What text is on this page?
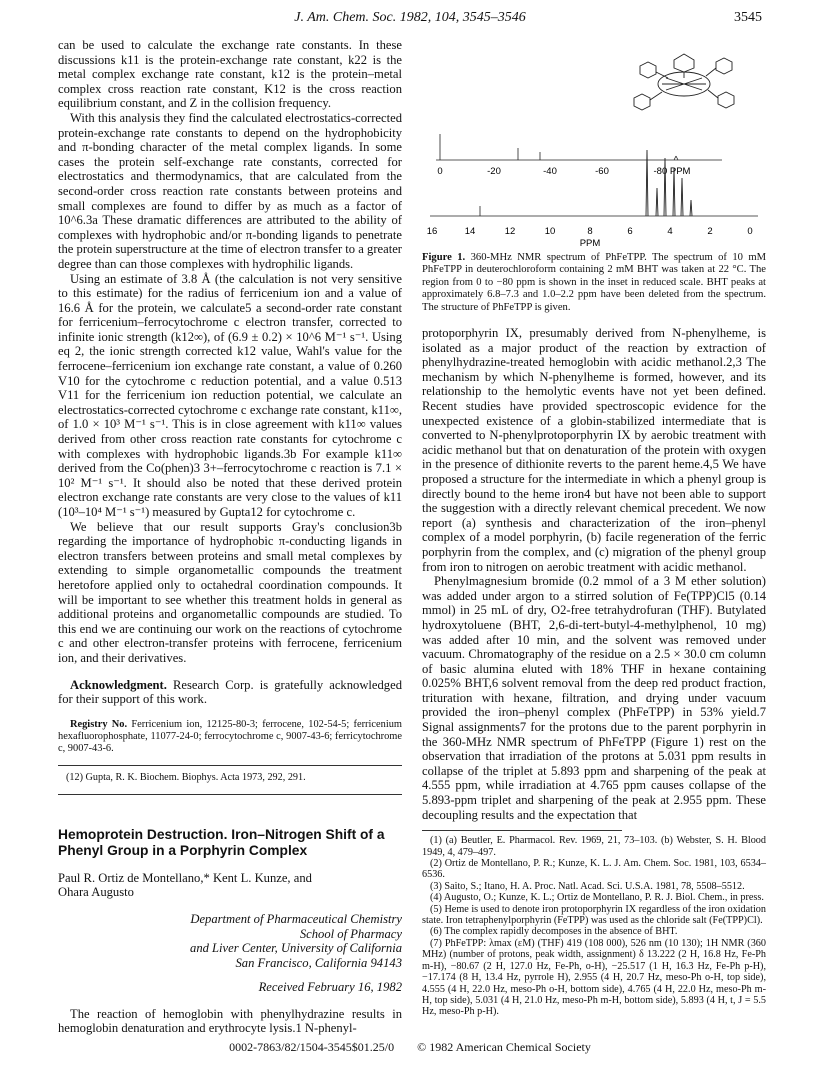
J. Am. Chem. Soc. 1982, 104, 3545–3546	3545

can be used to calculate the exchange rate constants. In these discussions k11 is the protein-exchange rate constant, k22 is the metal complex exchange rate constant, k12 is the protein–metal complex cross reaction rate constant, K12 is the cross reaction equilibrium constant, and Z in the collision frequency.

With this analysis they find the calculated electrostatics-corrected protein-exchange rate constants to depend on the hydrophobicity and π-bonding character of the metal complex ligands. In some cases the protein self-exchange rate constants, corrected for electrostatics and thermodynamics, that are calculated from the second-order cross reaction rate constants between proteins and small complexes are found to differ by as much as a factor of 10^6.3a These dramatic differences are attributed to the ability of complexes with hydrophobic and/or π-bonding ligands to penetrate the protein superstructure at the time of electron transfer to a greater degree than can those complexes with hydrophilic ligands.

Using an estimate of 3.8 Å (the calculation is not very sensitive to this estimate) for the radius of ferricenium ion and a value of 16.6 Å for the protein, we calculate5 a second-order rate constant for ferricenium–ferrocytochrome c electron transfer, corrected to infinite ionic strength (k12∞), of (6.9 ± 0.2) × 10^6 M⁻¹ s⁻¹. Using eq 2, the ionic strength corrected k12 value, Wahl's value for the ferrocene–ferricenium ion exchange rate constant, a value of 0.260 V10 for the cytochrome c reduction potential, and a value 0.513 V11 for the ferricenium ion reduction potential, we calculate an electrostatics-corrected cytochrome c exchange rate constant, k11∞, of 1.0 × 10³ M⁻¹ s⁻¹. This is in close agreement with k11∞ values derived from other cross reaction rate constants for cytochrome c with complexes with hydrophobic ligands.3b For example k11∞ derived from the Co(phen)3 3+–ferrocytochrome c reaction is 7.1 × 10² M⁻¹ s⁻¹. It should also be noted that these derived protein electron exchange rate constants are very close to the values of k11 (10³–10⁴ M⁻¹ s⁻¹) measured by Gupta12 for cytochrome c.

We believe that our result supports Gray's conclusion3b regarding the importance of hydrophobic π-conducting ligands in electron transfers between proteins and small metal complexes by extending to simple organometallic compounds the treatment heretofore applied only to octahedral coordination compounds. It will be important to see whether this treatment holds in general as additional proteins and organometallic compounds are studied. To this end we are continuing our work on the reactions of cytochrome c and other electron-transfer proteins with ferrocene, ferricenium ion, and their derivatives.

Acknowledgment. Research Corp. is gratefully acknowledged for their support of this work.

Registry No. Ferricenium ion, 12125-80-3; ferrocene, 102-54-5; ferricenium hexafluorophosphate, 11077-24-0; ferrocytochrome c, 9007-43-6; ferricytochrome c, 9007-43-6.

(12) Gupta, R. K. Biochem. Biophys. Acta 1973, 292, 291.

Hemoprotein Destruction. Iron–Nitrogen Shift of a Phenyl Group in a Porphyrin Complex

Paul R. Ortiz de Montellano,* Kent L. Kunze, and
Ohara Augusto

Department of Pharmaceutical Chemistry
School of Pharmacy
and Liver Center, University of California
San Francisco, California 94143

Received February 16, 1982

The reaction of hemoglobin with phenylhydrazine results in hemoglobin denaturation and erythrocyte lysis.1 N-phenyl-

0	-20	-40	-60	-80 PPM
16	14	12	10	8	6	4	2	0
PPM

Figure 1. 360-MHz NMR spectrum of PhFeTPP. The spectrum of 10 mM PhFeTPP in deuterochloroform containing 2 mM BHT was taken at 22 °C. The region from 0 to −80 ppm is shown in the inset in reduced scale. BHT peaks at approximately 6.8–7.3 and 1.0–2.2 ppm have been deleted from the spectrum. The structure of PhFeTPP is given.

protoporphyrin IX, presumably derived from N-phenylheme, is isolated as a major product of the reaction by extraction of phenylhydrazine-treated hemoglobin with acidic methanol.2,3 The mechanism by which N-phenylheme is formed, however, and its relationship to the hemolytic events have not yet been defined. Recent studies have provided spectroscopic evidence for the unexpected existence of a globin-stabilized intermediate that is converted to N-phenylprotoporphyrin IX by aerobic treatment with acidic methanol but that on denaturation of the protein with oxygen in the presence of dithionite reverts to the parent heme.4,5 We have proposed a structure for the intermediate in which a phenyl group is directly bound to the heme iron4 but have not been able to support the suggestion with a directly relevant chemical precedent. We now report (a) synthesis and characterization of the iron–phenyl complex of a model porphyrin, (b) facile regeneration of the ferric porphyrin from the complex, and (c) migration of the phenyl group from iron to nitrogen on aerobic treatment with acidic methanol.

Phenylmagnesium bromide (0.2 mmol of a 3 M ether solution) was added under argon to a stirred solution of Fe(TPP)Cl5 (0.14 mmol) in 25 mL of dry, O2-free tetrahydrofuran (THF). Butylated hydroxytoluene (BHT, 2,6-di-tert-butyl-4-methylphenol, 10 mg) was added after 10 min, and the solvent was removed under vacuum. Chromatography of the residue on a 2.5 × 30.0 cm column of basic alumina eluted with 18% THF in hexane containing 0.025% BHT,6 solvent removal from the deep red product fraction, trituration with hexane, filtration, and drying under vacuum provided the iron–phenyl complex (PhFeTPP) in 53% yield.7 Signal assignments7 for the protons due to the parent porphyrin in the 360-MHz NMR spectrum of PhFeTPP (Figure 1) rest on the observation that irradiation of the protons at 5.031 ppm results in collapse of the triplet at 5.893 ppm and sharpening of the peak at 4.555 ppm, while irradiation at 4.765 ppm causes collapse of the 5.893-ppm triplet and sharpening of the peak at 2.955 ppm. These decoupling results and the expectation that

(1) (a) Beutler, E. Pharmacol. Rev. 1969, 21, 73–103. (b) Webster, S. H. Blood 1949, 4, 479–497.

(2) Ortiz de Montellano, P. R.; Kunze, K. L. J. Am. Chem. Soc. 1981, 103, 6534–6536.

(3) Saito, S.; Itano, H. A. Proc. Natl. Acad. Sci. U.S.A. 1981, 78, 5508–5512.

(4) Augusto, O.; Kunze, K. L.; Ortiz de Montellano, P. R. J. Biol. Chem., in press.

(5) Heme is used to denote iron protoporphyrin IX regardless of the iron oxidation state. Iron tetraphenylporphyrin (FeTPP) was used as the chloride salt (Fe(TPP)Cl).

(6) The complex rapidly decomposes in the absence of BHT.

(7) PhFeTPP: λmax (εM) (THF) 419 (108 000), 526 nm (10 130); 1H NMR (360 MHz) (number of protons, peak width, assignment) δ 13.222 (2 H, 16.8 Hz, Fe-Ph m-H), −80.67 (2 H, 127.0 Hz, Fe-Ph, o-H), −25.517 (1 H, 16.3 Hz, Fe-Ph p-H), −17.174 (8 H, 13.4 Hz, pyrrole H), 2.955 (4 H, 20.7 Hz, meso-Ph o-H, top side), 4.555 (4 H, 22.0 Hz, meso-Ph o-H, bottom side), 4.765 (4 H, 22.0 Hz, meso-Ph m-H, top side), 5.031 (4 H, 21.0 Hz, meso-Ph m-H, bottom side), 5.893 (4 H, t, J = 5.5 Hz, meso-Ph p-H).

0002-7863/82/1504-3545$01.25/0 © 1982 American Chemical Society
